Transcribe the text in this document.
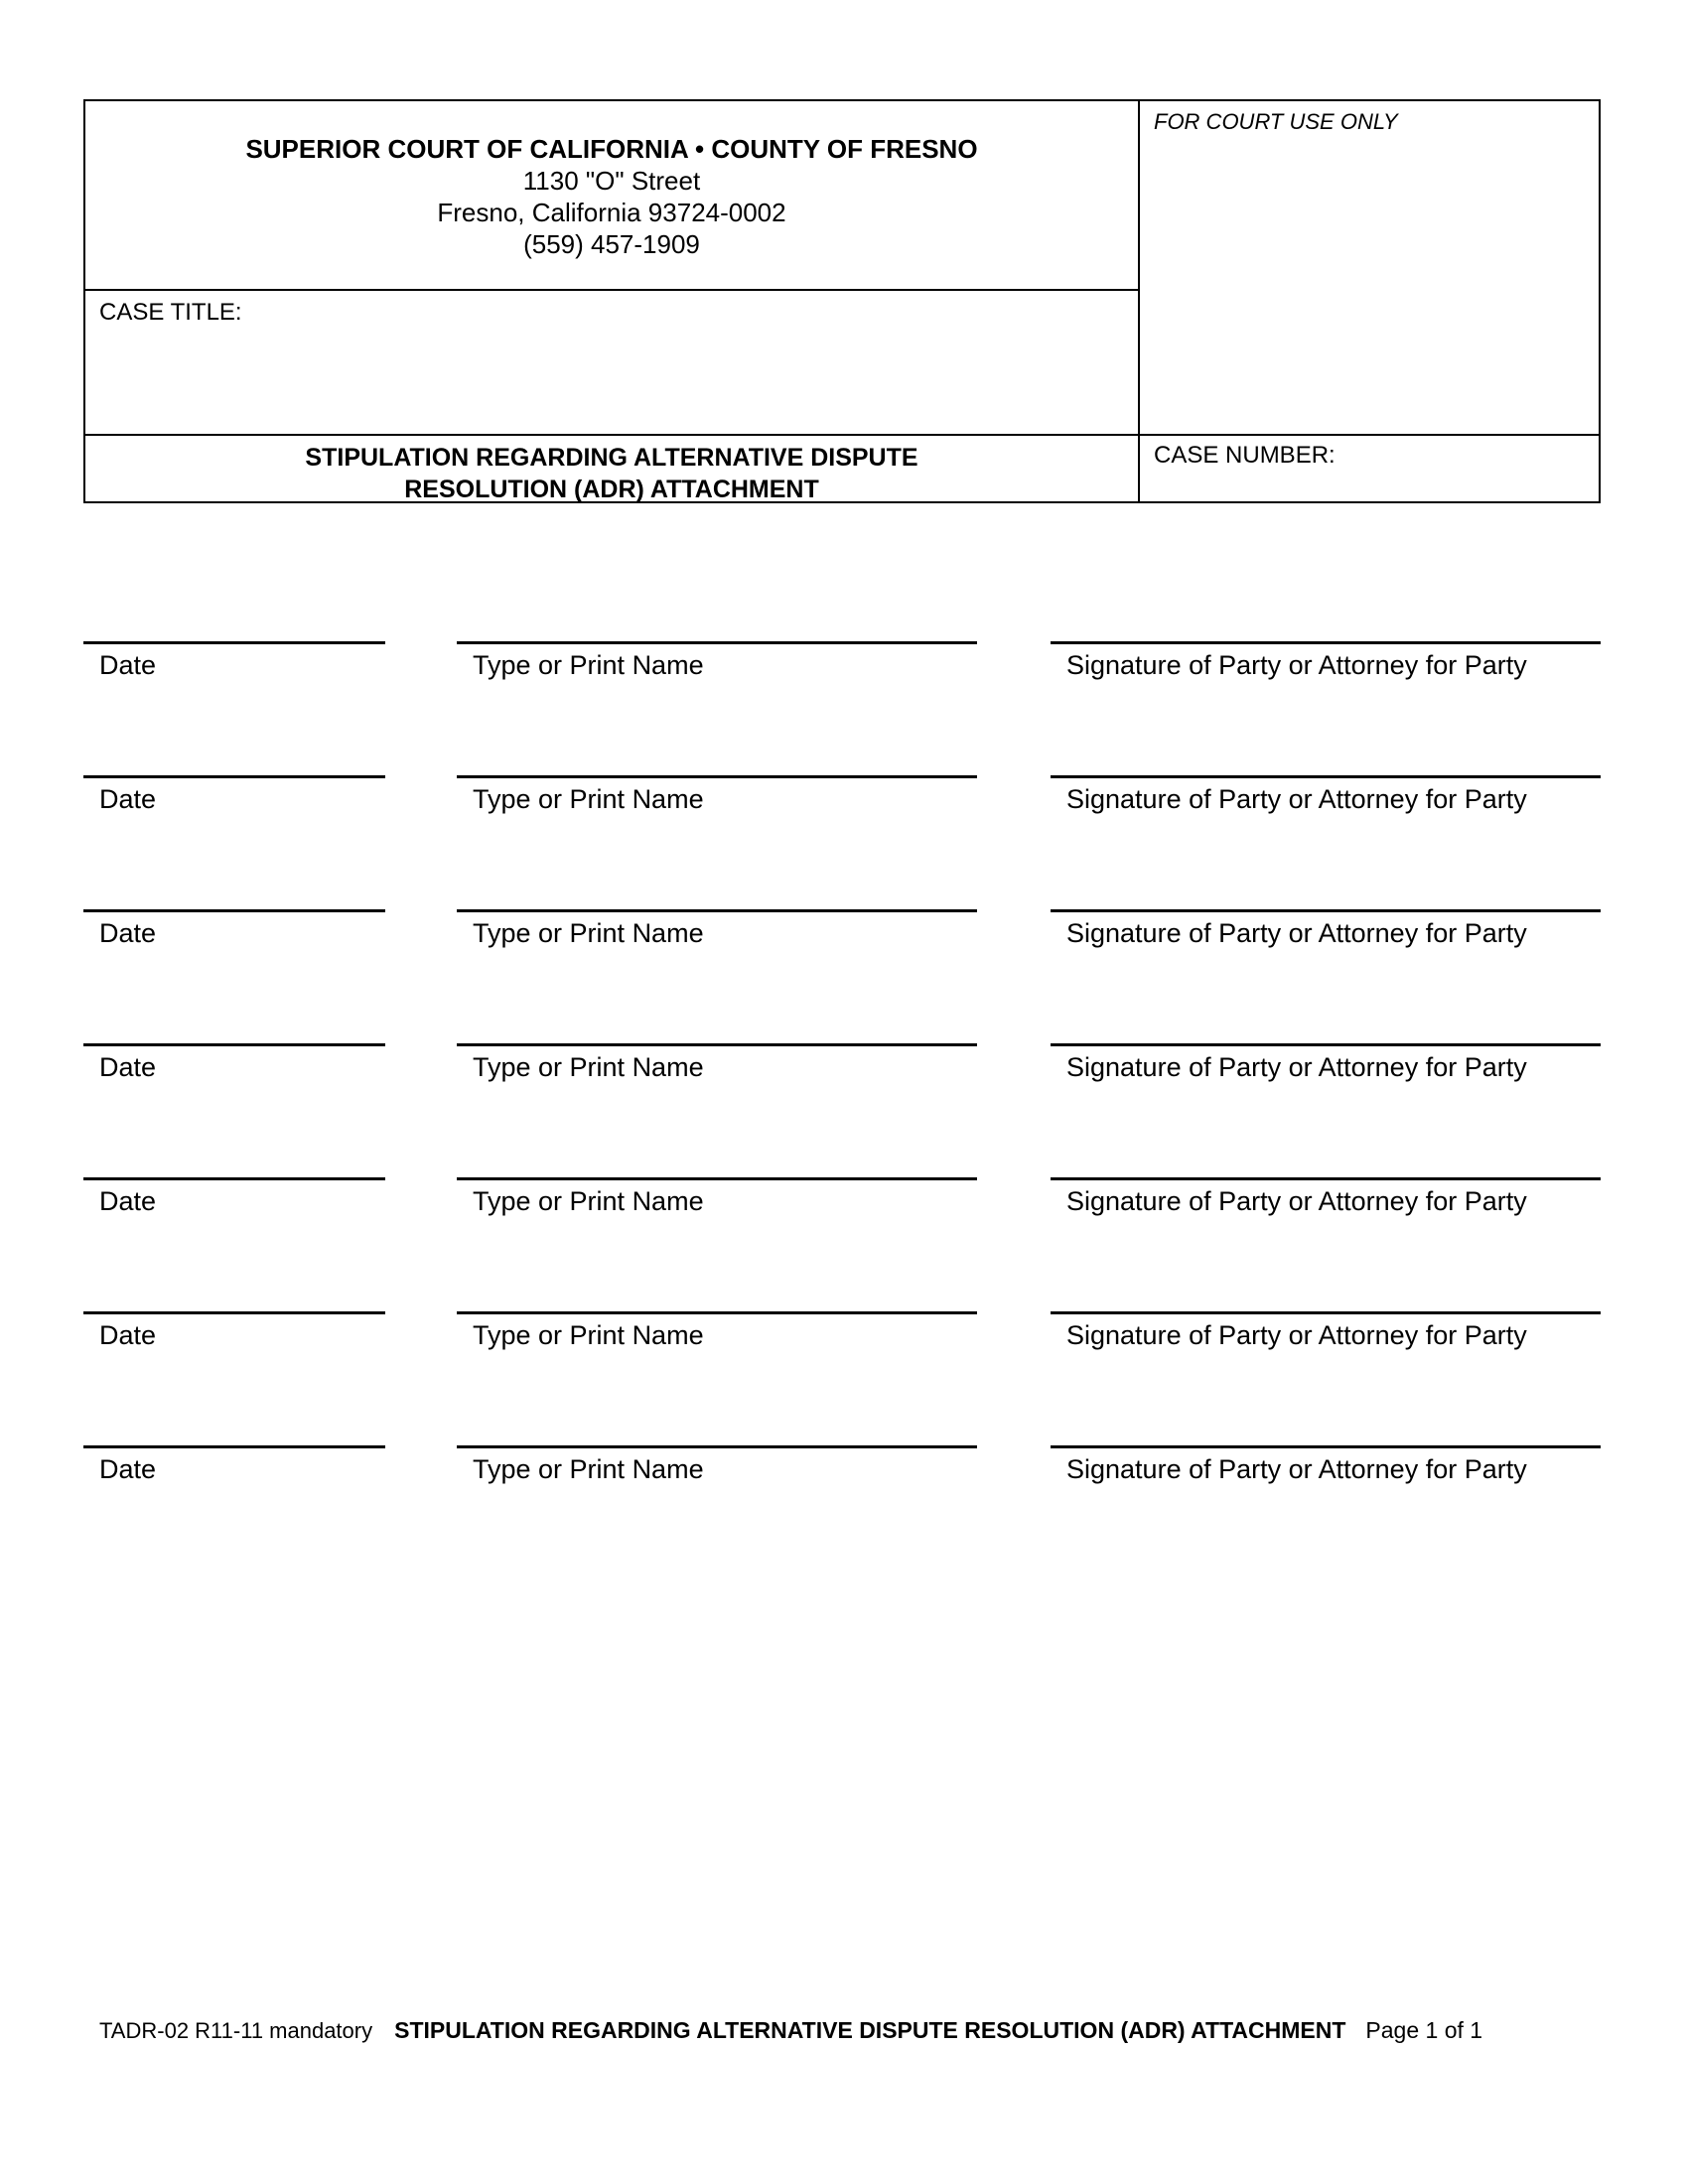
SUPERIOR COURT OF CALIFORNIA • COUNTY OF FRESNO
1130 "O" Street
Fresno, California 93724-0002
(559) 457-1909
FOR COURT USE ONLY
CASE TITLE:
STIPULATION REGARDING ALTERNATIVE DISPUTE
RESOLUTION (ADR) ATTACHMENT
CASE NUMBER:
Date	Type or Print Name	Signature of Party or Attorney for Party
Date	Type or Print Name	Signature of Party or Attorney for Party
Date	Type or Print Name	Signature of Party or Attorney for Party
Date	Type or Print Name	Signature of Party or Attorney for Party
Date	Type or Print Name	Signature of Party or Attorney for Party
Date	Type or Print Name	Signature of Party or Attorney for Party
Date	Type or Print Name	Signature of Party or Attorney for Party
TADR-02 R11-11 mandatory STIPULATION REGARDING ALTERNATIVE DISPUTE RESOLUTION (ADR) ATTACHMENT Page 1 of 1
